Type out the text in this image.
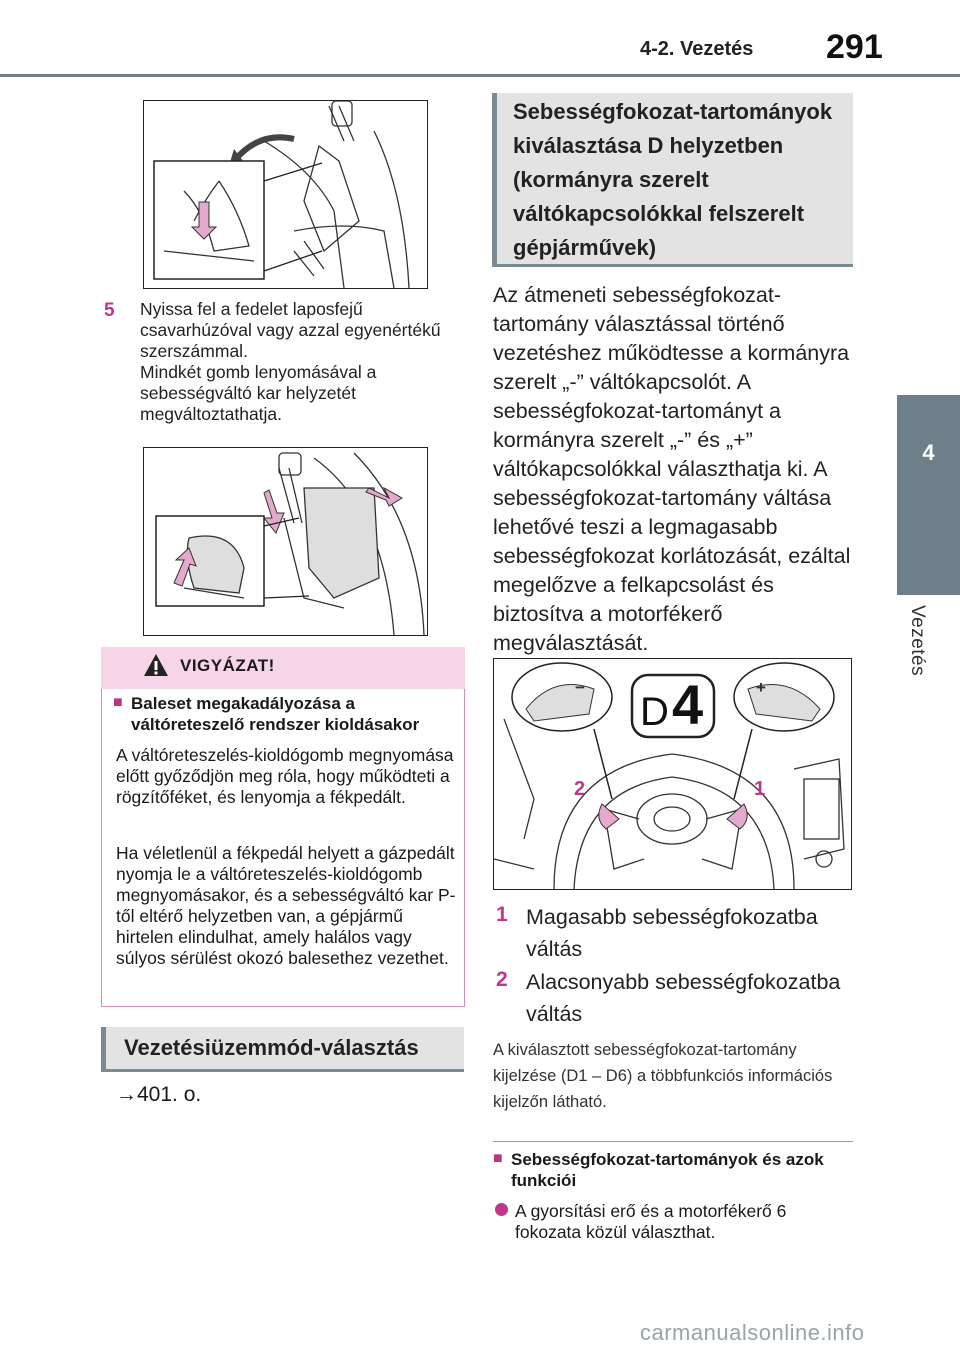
4-2. Vezetés 291
4
Vezetés
5 Nyissa fel a fedelet laposfejű csavarhúzóval vagy azzal egyenértékű szerszámmal.
Mindkét gomb lenyomásával a sebességváltó kar helyzetét megváltoztathatja.
VIGYÁZAT!
■ Baleset megakadályozása a váltóreteszelő rendszer kioldásakor
A váltóreteszelés-kioldógomb megnyomása előtt győződjön meg róla, hogy működteti a rögzítőféket, és lenyomja a fékpedált.
Ha véletlenül a fékpedál helyett a gázpedált nyomja le a váltóreteszelés-kioldógomb megnyomásakor, és a sebességváltó kar P-től eltérő helyzetben van, a gépjármű hirtelen elindulhat, amely halálos vagy súlyos sérülést okozó balesethez vezethet.
Vezetésiüzemmód-választás
→401. o.
Sebességfokozat-tartományok kiválasztása D helyzetben (kormányra szerelt váltókapcsolókkal felszerelt gépjárművek)
Az átmeneti sebességfokozat-tartomány választással történő vezetéshez működtesse a kormányra szerelt „-” váltókapcsolót. A sebességfokozat-tartományt a kormányra szerelt „-” és „+” váltókapcsolókkal választhatja ki. A sebességfokozat-tartomány váltása lehetővé teszi a legmagasabb sebességfokozat korlátozását, ezáltal megelőzve a felkapcsolást és biztosítva a motorfékerő megválasztását.
−	+
D 4
2	1
1 Magasabb sebességfokozatba váltás
2 Alacsonyabb sebességfokozatba váltás
A kiválasztott sebességfokozat-tartomány kijelzése (D1 – D6) a többfunkciós információs kijelzőn látható.
■ Sebességfokozat-tartományok és azok funkciói
A gyorsítási erő és a motorfékerő 6 fokozata közül választhat.
carmanualsonline.info
